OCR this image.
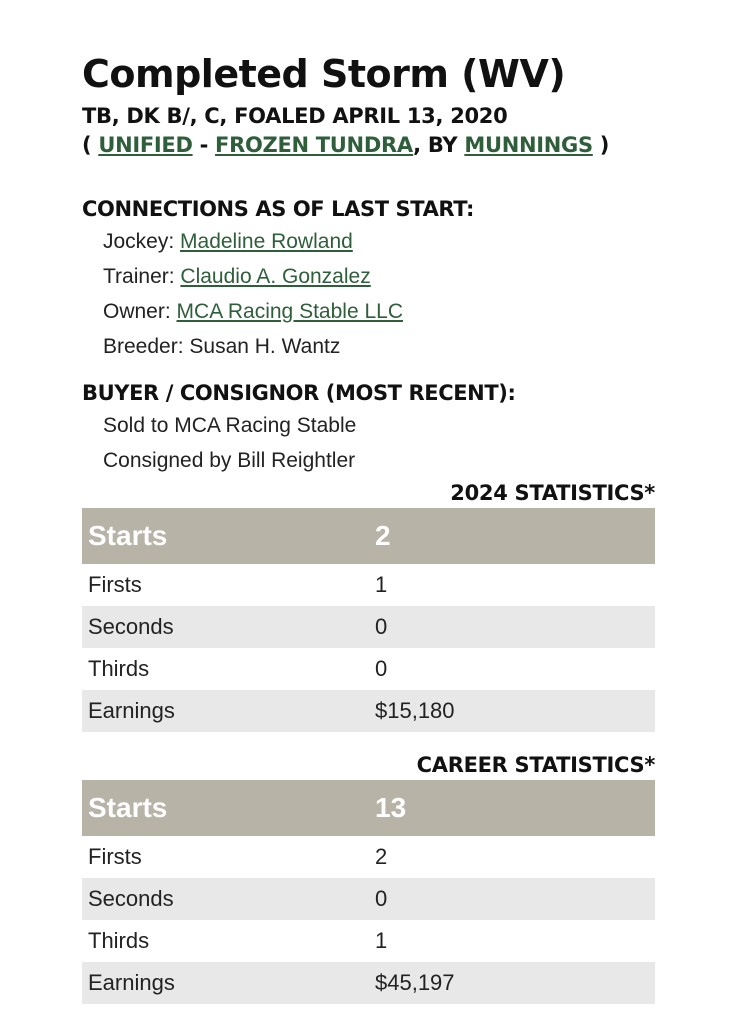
Completed Storm (WV)
TB, DK B/, C, FOALED APRIL 13, 2020
( UNIFIED - FROZEN TUNDRA, BY MUNNINGS )
CONNECTIONS AS OF LAST START:
Jockey: Madeline Rowland
Trainer: Claudio A. Gonzalez
Owner: MCA Racing Stable LLC
Breeder: Susan H. Wantz
BUYER / CONSIGNOR (MOST RECENT):
Sold to MCA Racing Stable
Consigned by Bill Reightler
2024 STATISTICS*
Starts	2
Firsts	1
Seconds	0
Thirds	0
Earnings	$15,180
CAREER STATISTICS*
Starts	13
Firsts	2
Seconds	0
Thirds	1
Earnings	$45,197
